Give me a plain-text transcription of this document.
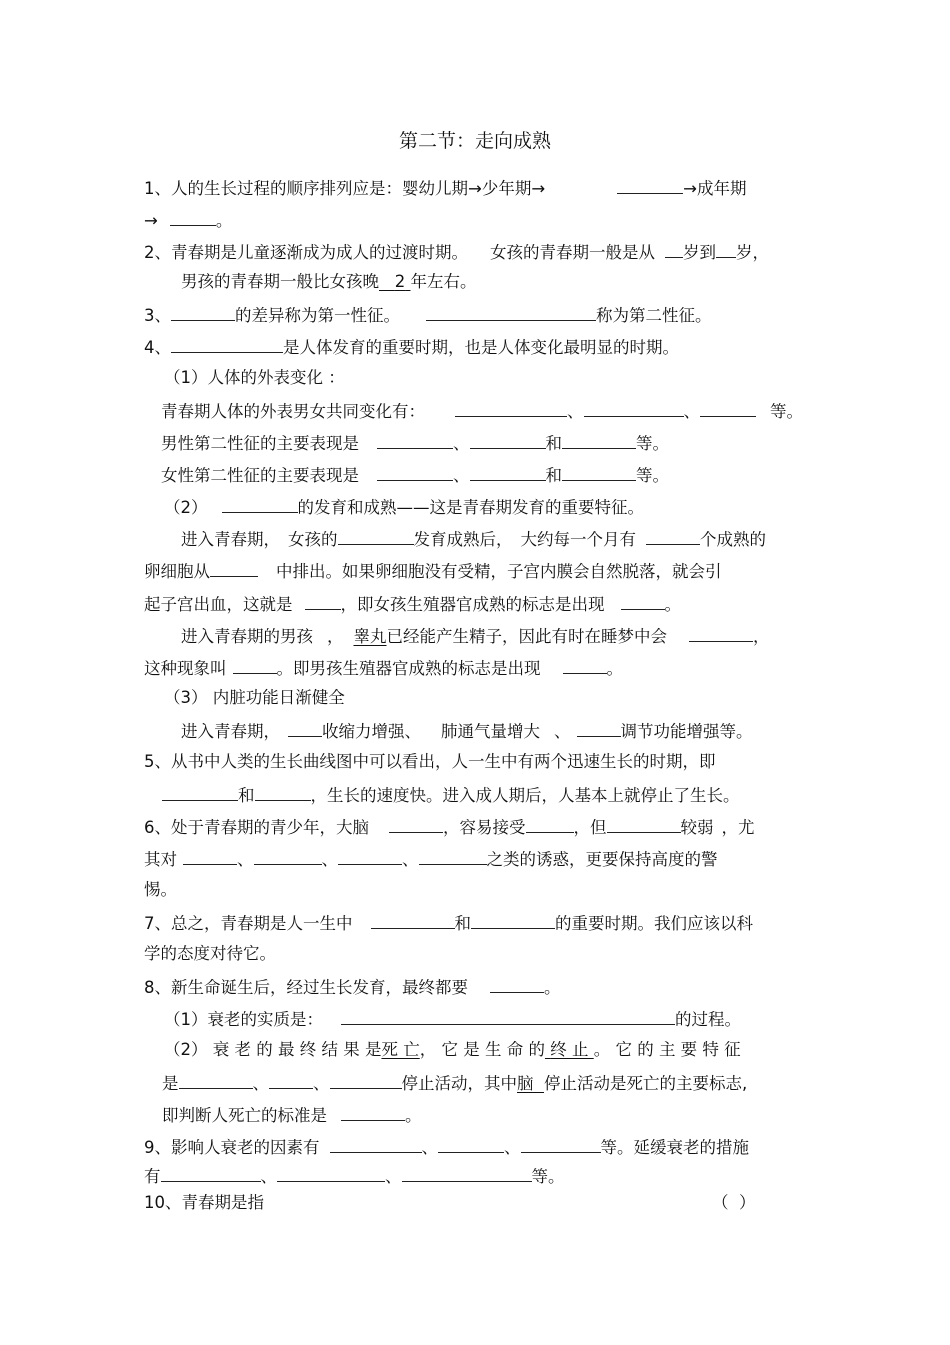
第二节：走向成熟
1、人的生长过程的顺序排列应是：婴幼儿期→少年期→	→成年期
→	。
2、青春期是儿童逐渐成为成人的过渡时期。 女孩的青春期一般是从 岁到 岁，
男孩的青春期一般比女孩晚 2 年左右。
3、	的差异称为第一性征。	称为第二性征。
4、	是人体发育的重要时期，也是人体变化最明显的时期。
（1）人体的外表变化 ：
青春期人体的外表男女共同变化有：	、	、	等。
男性第二性征的主要表现是	、	和	等。
女性第二性征的主要表现是	、	和	等。
（2）	的发育和成熟——这是青春期发育的重要特征。
进入青春期， 女孩的	发育成熟后， 大约每一个月有	个成熟的
卵细胞从	中排出。如果卵细胞没有受精，子宫内膜会自然脱落，就会引
起子宫出血，这就是	，即女孩生殖器官成熟的标志是出现	。
进入青春期的男孩 ， 睾丸已经能产生精子，因此有时在睡梦中会	，
这种现象叫	。即男孩生殖器官成熟的标志是出现	。
（3） 内脏功能日渐健全
进入青春期，	收缩力增强、 肺通气量增大 、	调节功能增强等。
5、从书中人类的生长曲线图中可以看出，人一生中有两个迅速生长的时期，即
和	，生长的速度快。进入成人期后，人基本上就停止了生长。
6、处于青春期的青少年，大脑	，容易接受	，但	较弱 ，尤
其对	、	、	、	之类的诱惑，更要保持高度的警
惕。
7、总之，青春期是人一生中	和	的重要时期。我们应该以科
学的态度对待它。
8、新生命诞生后，经过生长发育，最终都要	。
（1）衰老的实质是：	的过程。
（2） 衰 老 的 最 终 结 果 是死 亡， 它 是 生 命 的 终 止 。 它 的 主 要 特 征
是	、	、	停止活动，其中脑 停止活动是死亡的主要标志,
即判断人死亡的标准是	。
9、影响人衰老的因素有	、	、	等。延缓衰老的措施
有	、	、	等。
10、青春期是指	（  ）
